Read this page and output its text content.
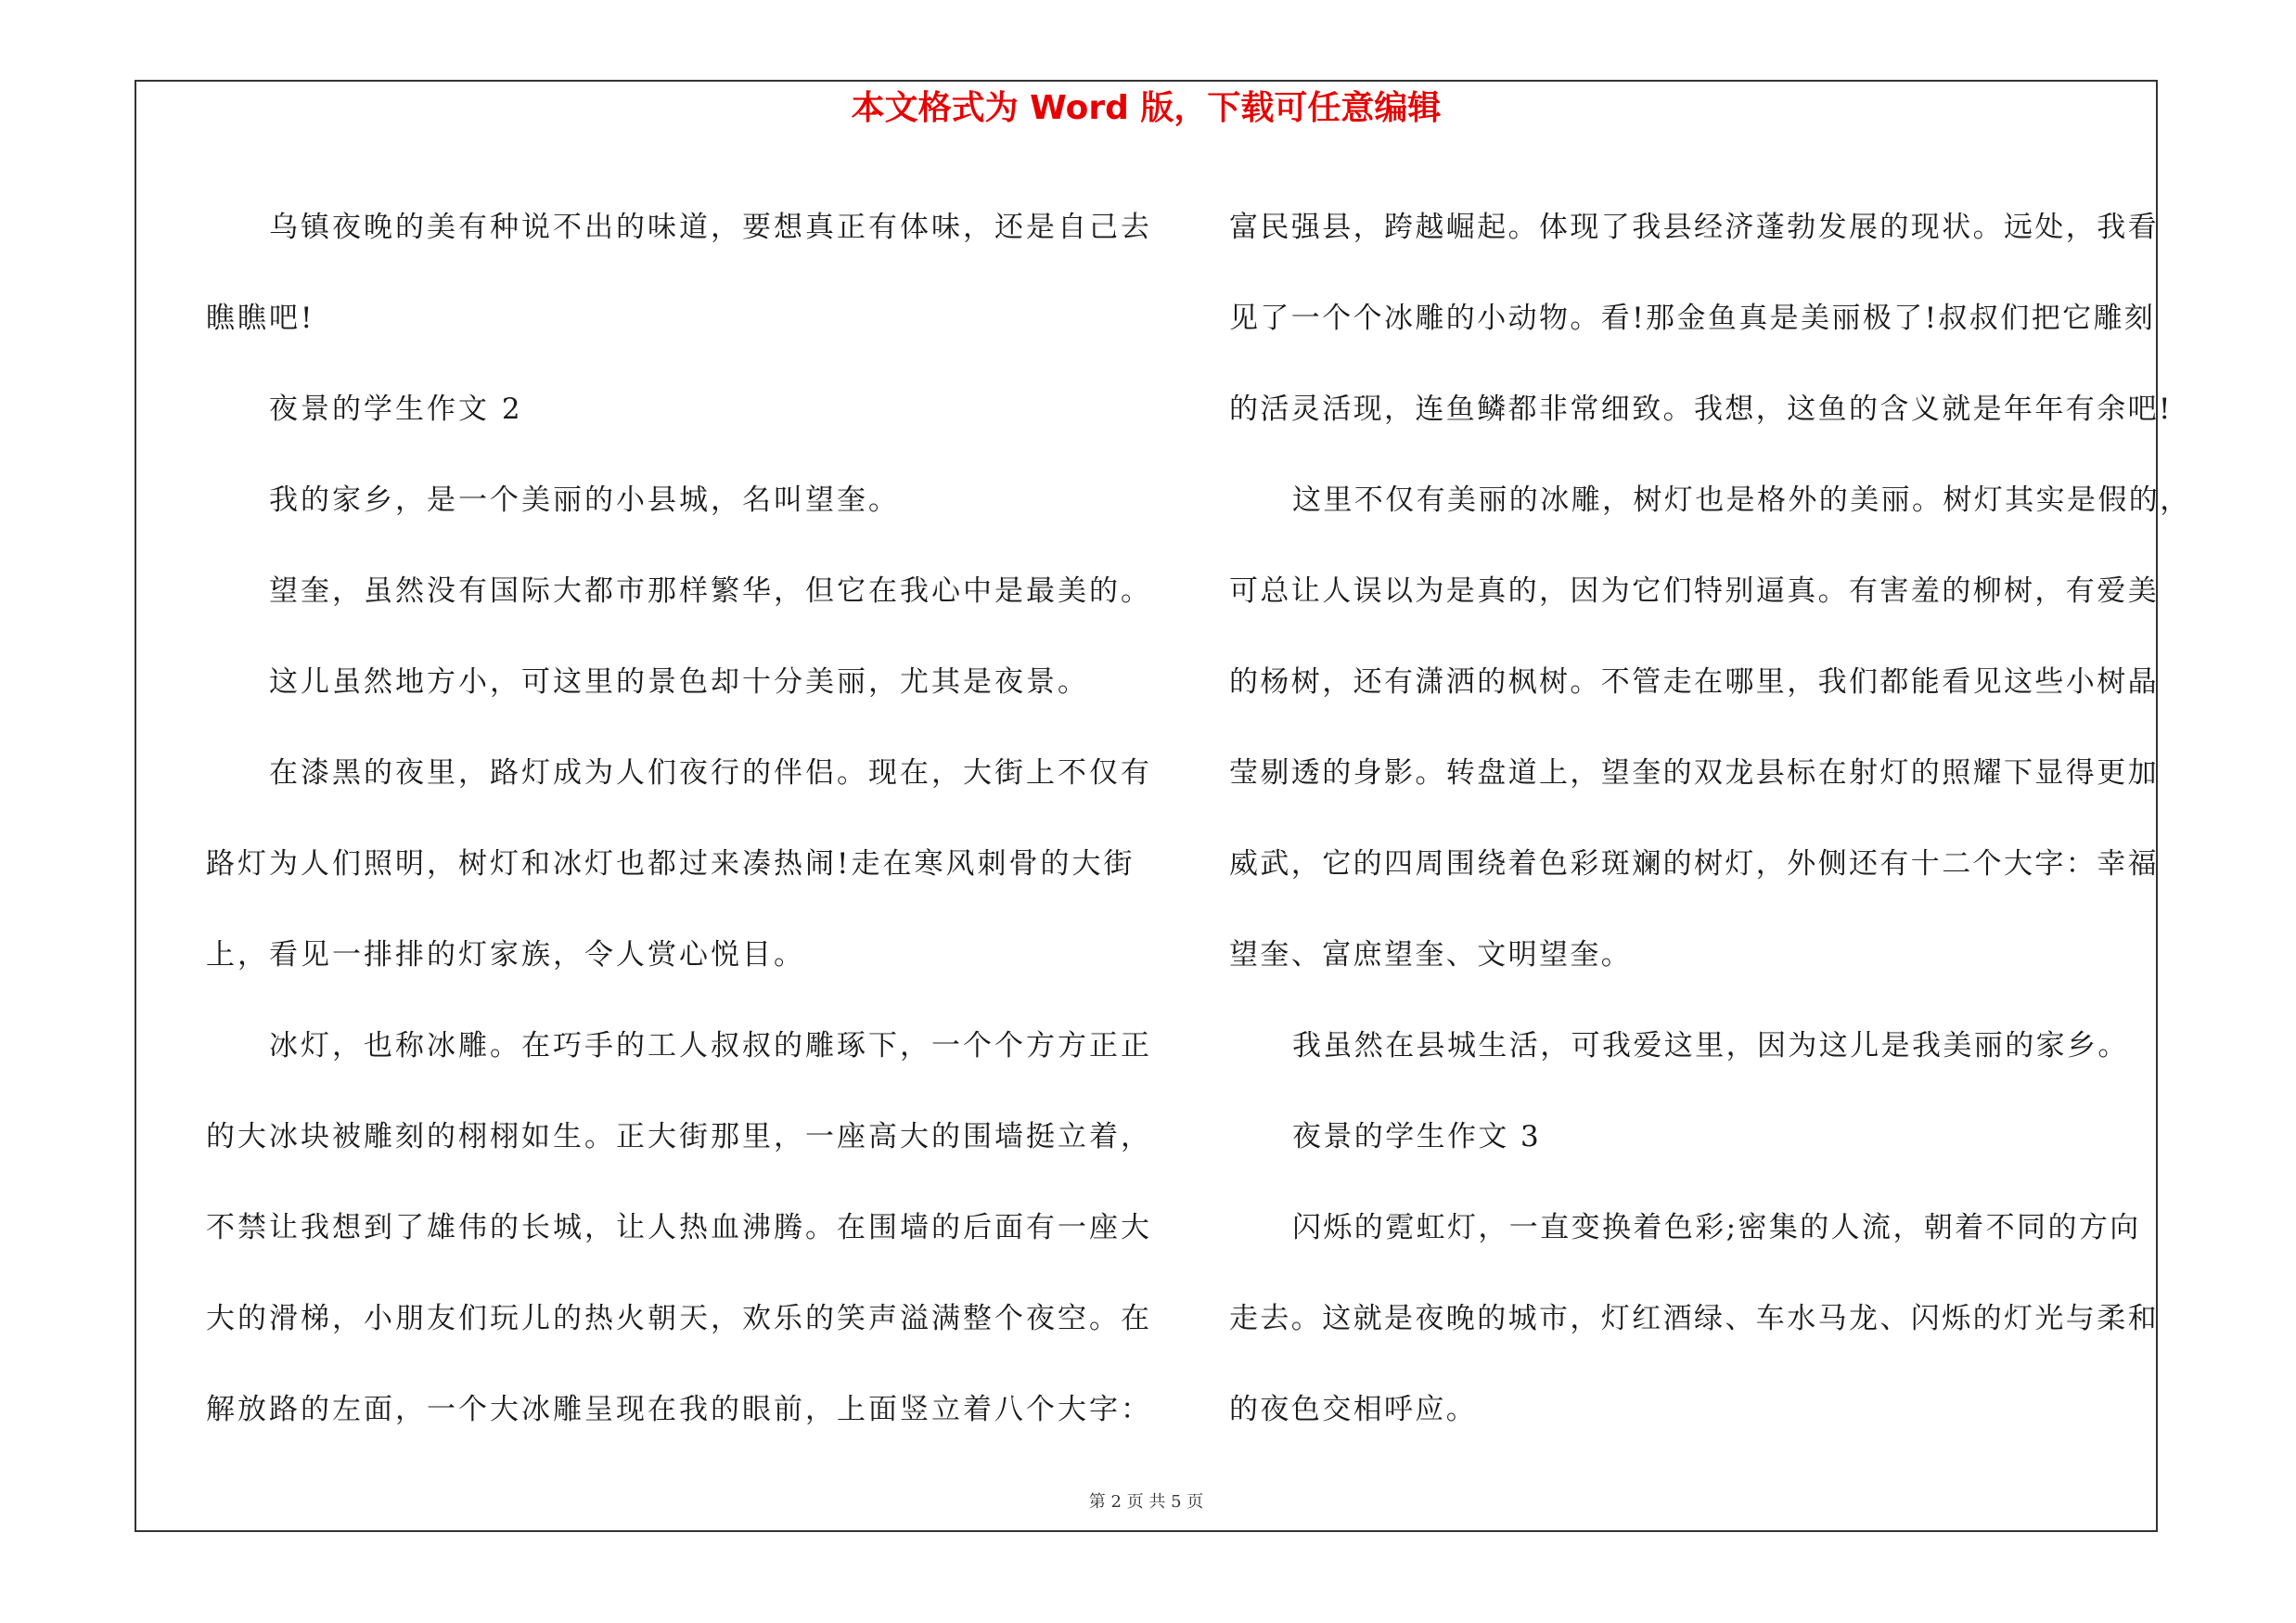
本文格式为 Word 版，下载可任意编辑

乌镇夜晚的美有种说不出的味道，要想真正有体味，还是自己去

瞧瞧吧!

夜景的学生作文 2

我的家乡，是一个美丽的小县城，名叫望奎。

望奎，虽然没有国际大都市那样繁华，但它在我心中是最美的。

这儿虽然地方小，可这里的景色却十分美丽，尤其是夜景。

在漆黑的夜里，路灯成为人们夜行的伴侣。现在，大街上不仅有

路灯为人们照明，树灯和冰灯也都过来凑热闹!走在寒风刺骨的大街

上，看见一排排的灯家族，令人赏心悦目。

冰灯，也称冰雕。在巧手的工人叔叔的雕琢下，一个个方方正正

的大冰块被雕刻的栩栩如生。正大街那里，一座高大的围墙挺立着，

不禁让我想到了雄伟的长城，让人热血沸腾。在围墙的后面有一座大

大的滑梯，小朋友们玩儿的热火朝天，欢乐的笑声溢满整个夜空。在

解放路的左面，一个大冰雕呈现在我的眼前，上面竖立着八个大字：

富民强县，跨越崛起。体现了我县经济蓬勃发展的现状。远处，我看

见了一个个冰雕的小动物。看!那金鱼真是美丽极了!叔叔们把它雕刻

的活灵活现，连鱼鳞都非常细致。我想，这鱼的含义就是年年有余吧!

这里不仅有美丽的冰雕，树灯也是格外的美丽。树灯其实是假的，

可总让人误以为是真的，因为它们特别逼真。有害羞的柳树，有爱美

的杨树，还有潇洒的枫树。不管走在哪里，我们都能看见这些小树晶

莹剔透的身影。转盘道上，望奎的双龙县标在射灯的照耀下显得更加

威武，它的四周围绕着色彩斑斓的树灯，外侧还有十二个大字：幸福

望奎、富庶望奎、文明望奎。

我虽然在县城生活，可我爱这里，因为这儿是我美丽的家乡。

夜景的学生作文 3

闪烁的霓虹灯，一直变换着色彩;密集的人流，朝着不同的方向

走去。这就是夜晚的城市，灯红酒绿、车水马龙、闪烁的灯光与柔和

的夜色交相呼应。

第 2 页 共 5 页
